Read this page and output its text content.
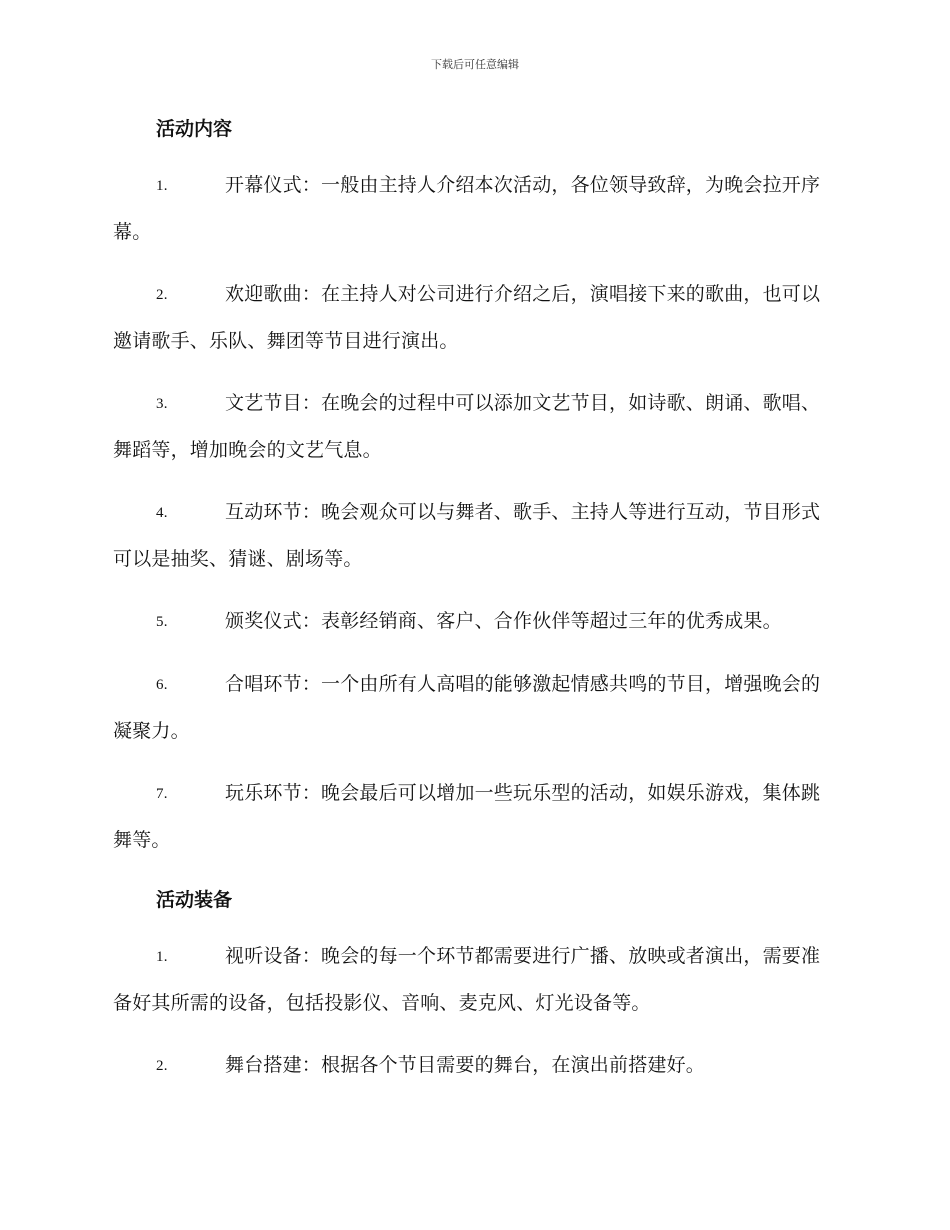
下载后可任意编辑
活动内容
1.	开幕仪式：一般由主持人介绍本次活动，各位领导致辞，为晚会拉开序幕。
2.	欢迎歌曲：在主持人对公司进行介绍之后，演唱接下来的歌曲，也可以邀请歌手、乐队、舞团等节目进行演出。
3.	文艺节目：在晚会的过程中可以添加文艺节目，如诗歌、朗诵、歌唱、舞蹈等，增加晚会的文艺气息。
4.	互动环节：晚会观众可以与舞者、歌手、主持人等进行互动，节目形式可以是抽奖、猜谜、剧场等。
5.	颁奖仪式：表彰经销商、客户、合作伙伴等超过三年的优秀成果。
6.	合唱环节：一个由所有人高唱的能够激起情感共鸣的节目，增强晚会的凝聚力。
7.	玩乐环节：晚会最后可以增加一些玩乐型的活动，如娱乐游戏，集体跳舞等。
活动装备
1.	视听设备：晚会的每一个环节都需要进行广播、放映或者演出，需要准备好其所需的设备，包括投影仪、音响、麦克风、灯光设备等。
2.	舞台搭建：根据各个节目需要的舞台，在演出前搭建好。
